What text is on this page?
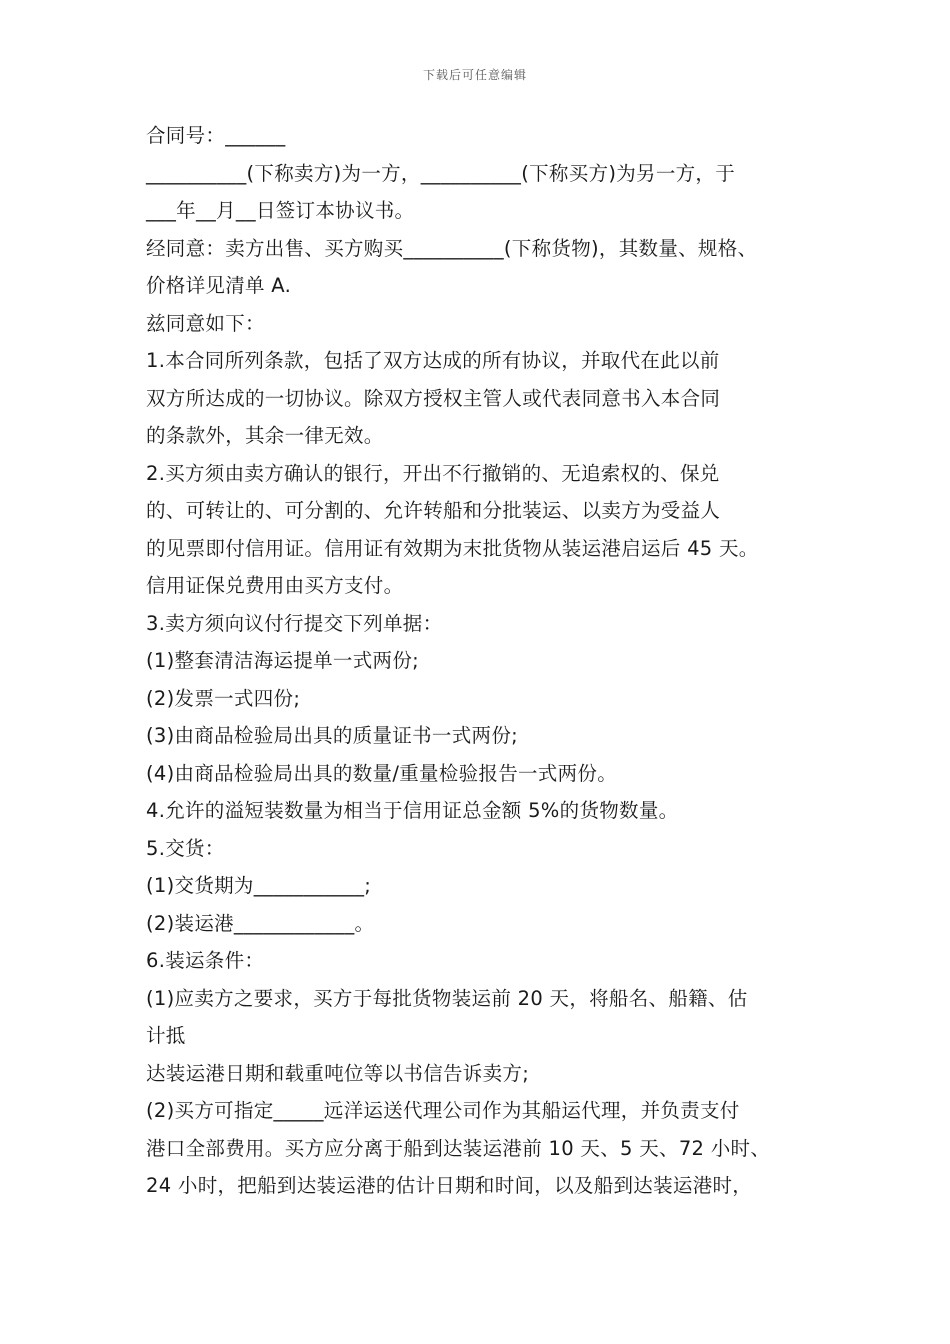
下载后可任意编辑
合同号：______
__________(下称卖方)为一方，__________(下称买方)为另一方，于
___年__月__日签订本协议书。
经同意：卖方出售、买方购买__________(下称货物)，其数量、规格、
价格详见清单 A.
兹同意如下：
1.本合同所列条款，包括了双方达成的所有协议，并取代在此以前
双方所达成的一切协议。除双方授权主管人或代表同意书入本合同
的条款外，其余一律无效。
2.买方须由卖方确认的银行，开出不行撤销的、无追索权的、保兑
的、可转让的、可分割的、允许转船和分批装运、以卖方为受益人
的见票即付信用证。信用证有效期为末批货物从装运港启运后 45 天。
信用证保兑费用由买方支付。
3.卖方须向议付行提交下列单据：
(1)整套清洁海运提单一式两份;
(2)发票一式四份;
(3)由商品检验局出具的质量证书一式两份;
(4)由商品检验局出具的数量/重量检验报告一式两份。
4.允许的溢短装数量为相当于信用证总金额 5%的货物数量。
5.交货：
(1)交货期为___________;
(2)装运港____________。
6.装运条件：
(1)应卖方之要求，买方于每批货物装运前 20 天，将船名、船籍、估
计抵
达装运港日期和载重吨位等以书信告诉卖方;
(2)买方可指定_____远洋运送代理公司作为其船运代理，并负责支付
港口全部费用。买方应分离于船到达装运港前 10 天、5 天、72 小时、
24 小时，把船到达装运港的估计日期和时间，以及船到达装运港时，
